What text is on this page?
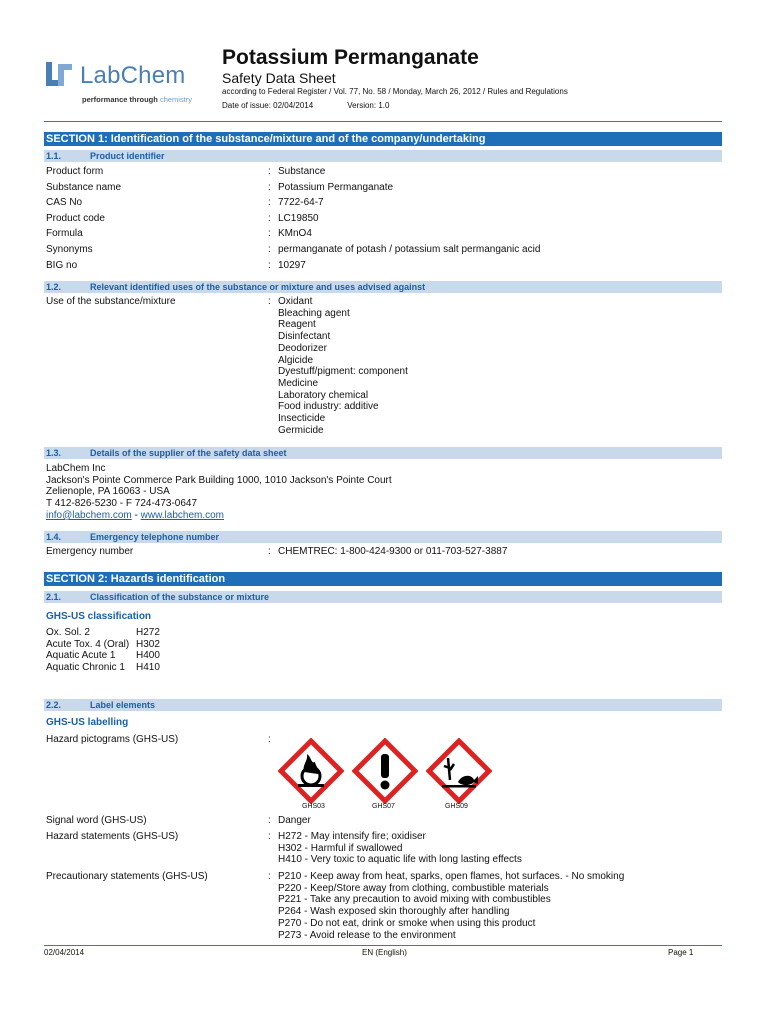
LabChem
performance through chemistry
Potassium Permanganate
Safety Data Sheet
according to Federal Register / Vol. 77, No. 58 / Monday, March 26, 2012 / Rules and Regulations
Date of issue: 02/04/2014	Version: 1.0
SECTION 1: Identification of the substance/mixture and of the company/undertaking
1.1.	Product identifier
Product form	: Substance
Substance name	: Potassium Permanganate
CAS No	: 7722-64-7
Product code	: LC19850
Formula	: KMnO4
Synonyms	: permanganate of potash / potassium salt permanganic acid
BIG no	: 10297
1.2.	Relevant identified uses of the substance or mixture and uses advised against
Use of the substance/mixture	: Oxidant
Bleaching agent
Reagent
Disinfectant
Deodorizer
Algicide
Dyestuff/pigment: component
Medicine
Laboratory chemical
Food industry: additive
Insecticide
Germicide
1.3.	Details of the supplier of the safety data sheet
LabChem Inc
Jackson's Pointe Commerce Park Building 1000, 1010 Jackson's Pointe Court
Zelienople, PA 16063 - USA
T 412-826-5230 - F 724-473-0647
info@labchem.com - www.labchem.com
1.4.	Emergency telephone number
Emergency number	: CHEMTREC: 1-800-424-9300 or 011-703-527-3887
SECTION 2: Hazards identification
2.1.	Classification of the substance or mixture
GHS-US classification
Ox. Sol. 2	H272
Acute Tox. 4 (Oral) H302
Aquatic Acute 1 H400
Aquatic Chronic 1 H410
2.2.	Label elements
GHS-US labelling
Hazard pictograms (GHS-US)	:
GHS03	GHS07	GHS09
Signal word (GHS-US)	: Danger
Hazard statements (GHS-US)	: H272 - May intensify fire; oxidiser
H302 - Harmful if swallowed
H410 - Very toxic to aquatic life with long lasting effects
Precautionary statements (GHS-US)	: P210 - Keep away from heat, sparks, open flames, hot surfaces. - No smoking
P220 - Keep/Store away from clothing, combustible materials
P221 - Take any precaution to avoid mixing with combustibles
P264 - Wash exposed skin thoroughly after handling
P270 - Do not eat, drink or smoke when using this product
P273 - Avoid release to the environment
02/04/2014	EN (English)	Page 1
